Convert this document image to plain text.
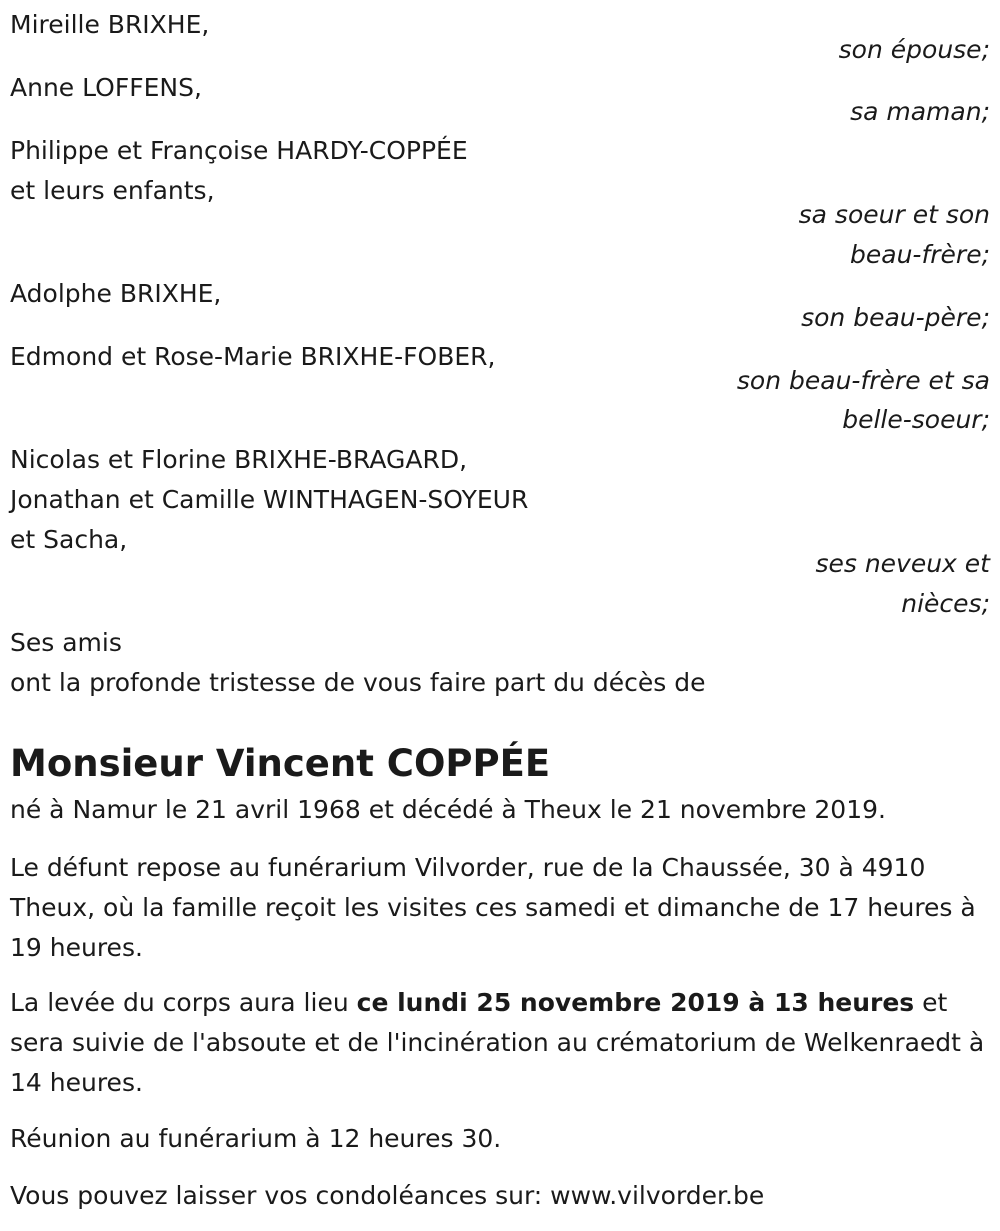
Mireille BRIXHE,
son épouse;
Anne LOFFENS,
sa maman;
Philippe et Françoise HARDY-COPPÉE
et leurs enfants,
sa soeur et son
beau-frère;
Adolphe BRIXHE,
son beau-père;
Edmond et Rose-Marie BRIXHE-FOBER,
son beau-frère et sa
belle-soeur;
Nicolas et Florine BRIXHE-BRAGARD,
Jonathan et Camille WINTHAGEN-SOYEUR
et Sacha,
ses neveux et
nièces;
Ses amis
ont la profonde tristesse de vous faire part du décès de
Monsieur Vincent COPPÉE
né à Namur le 21 avril 1968 et décédé à Theux le 21 novembre 2019.

Le défunt repose au funérarium Vilvorder, rue de la Chaussée, 30 à 4910 Theux, où la famille reçoit les visites ces samedi et dimanche de 17 heures à 19 heures.

La levée du corps aura lieu ce lundi 25 novembre 2019 à 13 heures et sera suivie de l'absoute et de l'incinération au crématorium de Welkenraedt à 14 heures.

Réunion au funérarium à 12 heures 30.
Vous pouvez laisser vos condoléances sur: www.vilvorder.be
